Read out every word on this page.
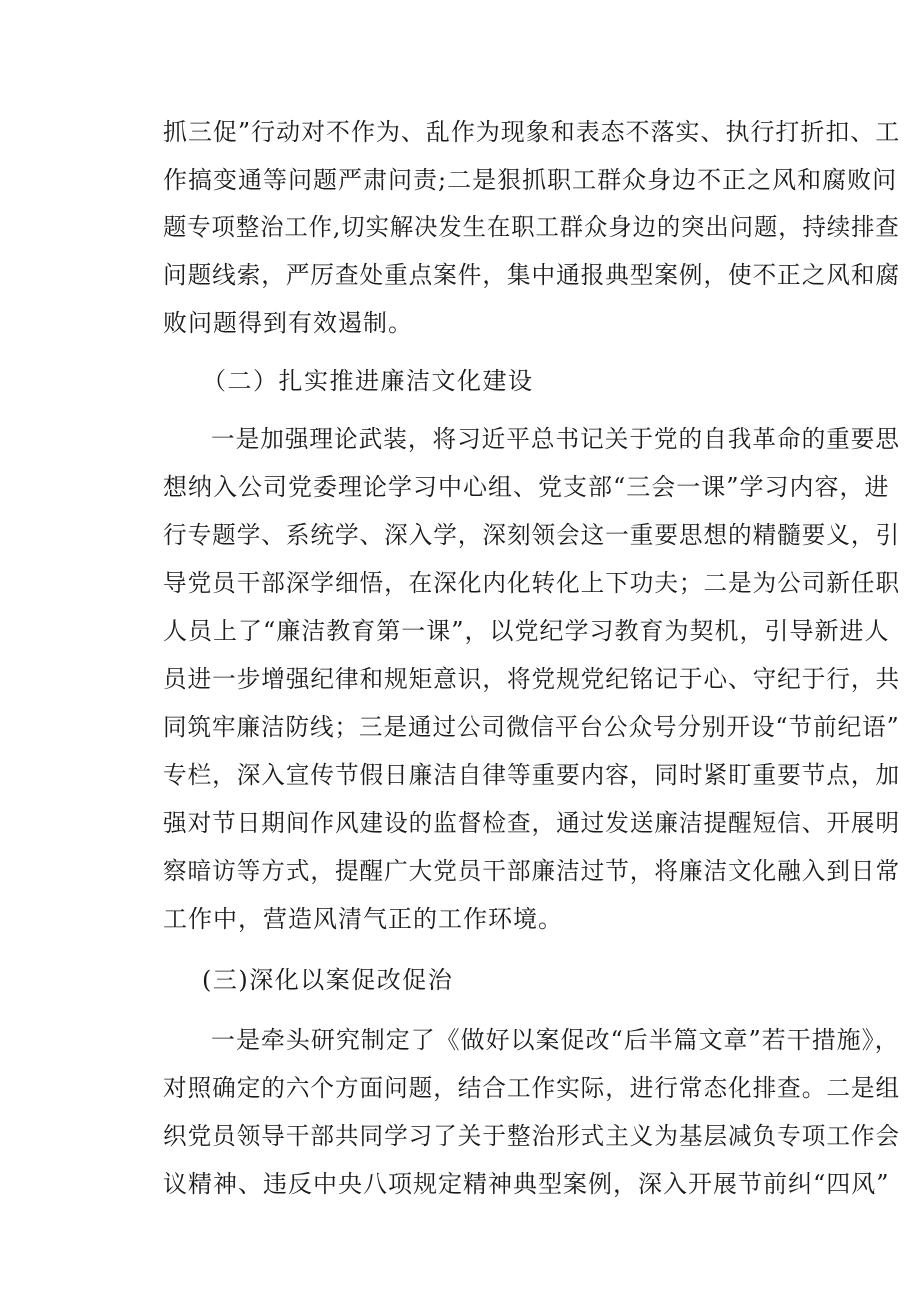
抓三促”行动对不作为、乱作为现象和表态不落实、执行打折扣、工
作搞变通等问题严肃问责;二是狠抓职工群众身边不正之风和腐败问
题专项整治工作,切实解决发生在职工群众身边的突出问题，持续排查
问题线索，严厉查处重点案件，集中通报典型案例，使不正之风和腐
败问题得到有效遏制。
（二）扎实推进廉洁文化建设
一是加强理论武装，将习近平总书记关于党的自我革命的重要思
想纳入公司党委理论学习中心组、党支部“三会一课”学习内容，进
行专题学、系统学、深入学，深刻领会这一重要思想的精髓要义，引
导党员干部深学细悟，在深化内化转化上下功夫；二是为公司新任职
人员上了“廉洁教育第一课”，以党纪学习教育为契机，引导新进人
员进一步增强纪律和规矩意识，将党规党纪铭记于心、守纪于行，共
同筑牢廉洁防线；三是通过公司微信平台公众号分别开设“节前纪语”
专栏，深入宣传节假日廉洁自律等重要内容，同时紧盯重要节点，加
强对节日期间作风建设的监督检查，通过发送廉洁提醒短信、开展明
察暗访等方式，提醒广大党员干部廉洁过节，将廉洁文化融入到日常
工作中，营造风清气正的工作环境。
(三)深化以案促改促治
一是牵头研究制定了《做好以案促改“后半篇文章”若干措施》，
对照确定的六个方面问题，结合工作实际，进行常态化排查。二是组
织党员领导干部共同学习了关于整治形式主义为基层减负专项工作会
议精神、违反中央八项规定精神典型案例，深入开展节前纠“四风”
